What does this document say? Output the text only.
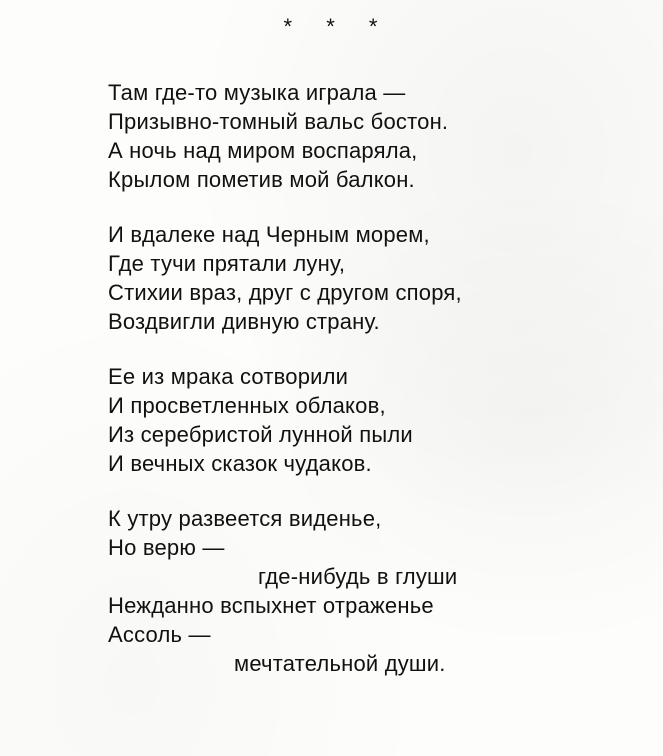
* * *
Там где-то музыка играла —
Призывно-томный вальс бостон.
А ночь над миром воспаряла,
Крылом пометив мой балкон.
И вдалеке над Черным морем,
Где тучи прятали луну,
Стихии враз, друг с другом споря,
Воздвигли дивную страну.
Ее из мрака сотворили
И просветленных облаков,
Из серебристой лунной пыли
И вечных сказок чудаков.
К утру развеется виденье,
Но верю —
где-нибудь в глуши
Нежданно вспыхнет отраженье
Ассоль —
мечтательной души.
